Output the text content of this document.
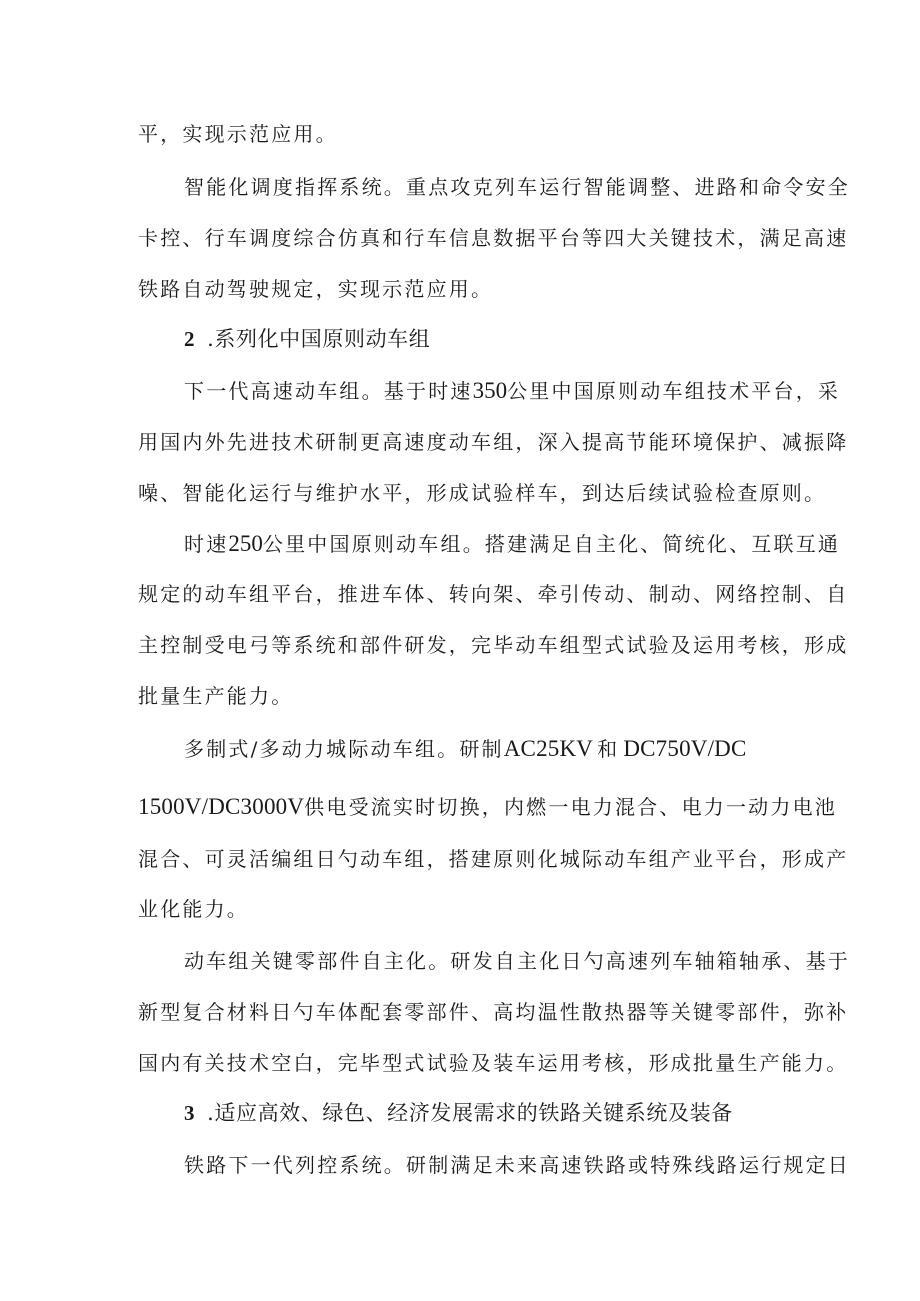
平，实现示范应用。
智能化调度指挥系统。重点攻克列车运行智能调整、进路和命令安全
卡控、行车调度综合仿真和行车信息数据平台等四大关键技术，满足高速
铁路自动驾驶规定，实现示范应用。
2 .系列化中国原则动车组
下一代高速动车组。基于时速350公里中国原则动车组技术平台，采
用国内外先进技术研制更高速度动车组，深入提高节能环境保护、减振降
噪、智能化运行与维护水平，形成试验样车，到达后续试验检查原则。
时速250公里中国原则动车组。搭建满足自主化、简统化、互联互通
规定的动车组平台，推进车体、转向架、牵引传动、制动、网络控制、自
主控制受电弓等系统和部件研发，完毕动车组型式试验及运用考核，形成
批量生产能力。
多制式/多动力城际动车组。研制AC25KV 和 DC750V/DC
1500V/DC3000V供电受流实时切换，内燃一电力混合、电力一动力电池
混合、可灵活编组日勺动车组，搭建原则化城际动车组产业平台，形成产
业化能力。
动车组关键零部件自主化。研发自主化日勺高速列车轴箱轴承、基于
新型复合材料日勺车体配套零部件、高均温性散热器等关键零部件，弥补
国内有关技术空白，完毕型式试验及装车运用考核，形成批量生产能力。
3 .适应高效、绿色、经济发展需求的铁路关键系统及装备
铁路下一代列控系统。研制满足未来高速铁路或特殊线路运行规定日
